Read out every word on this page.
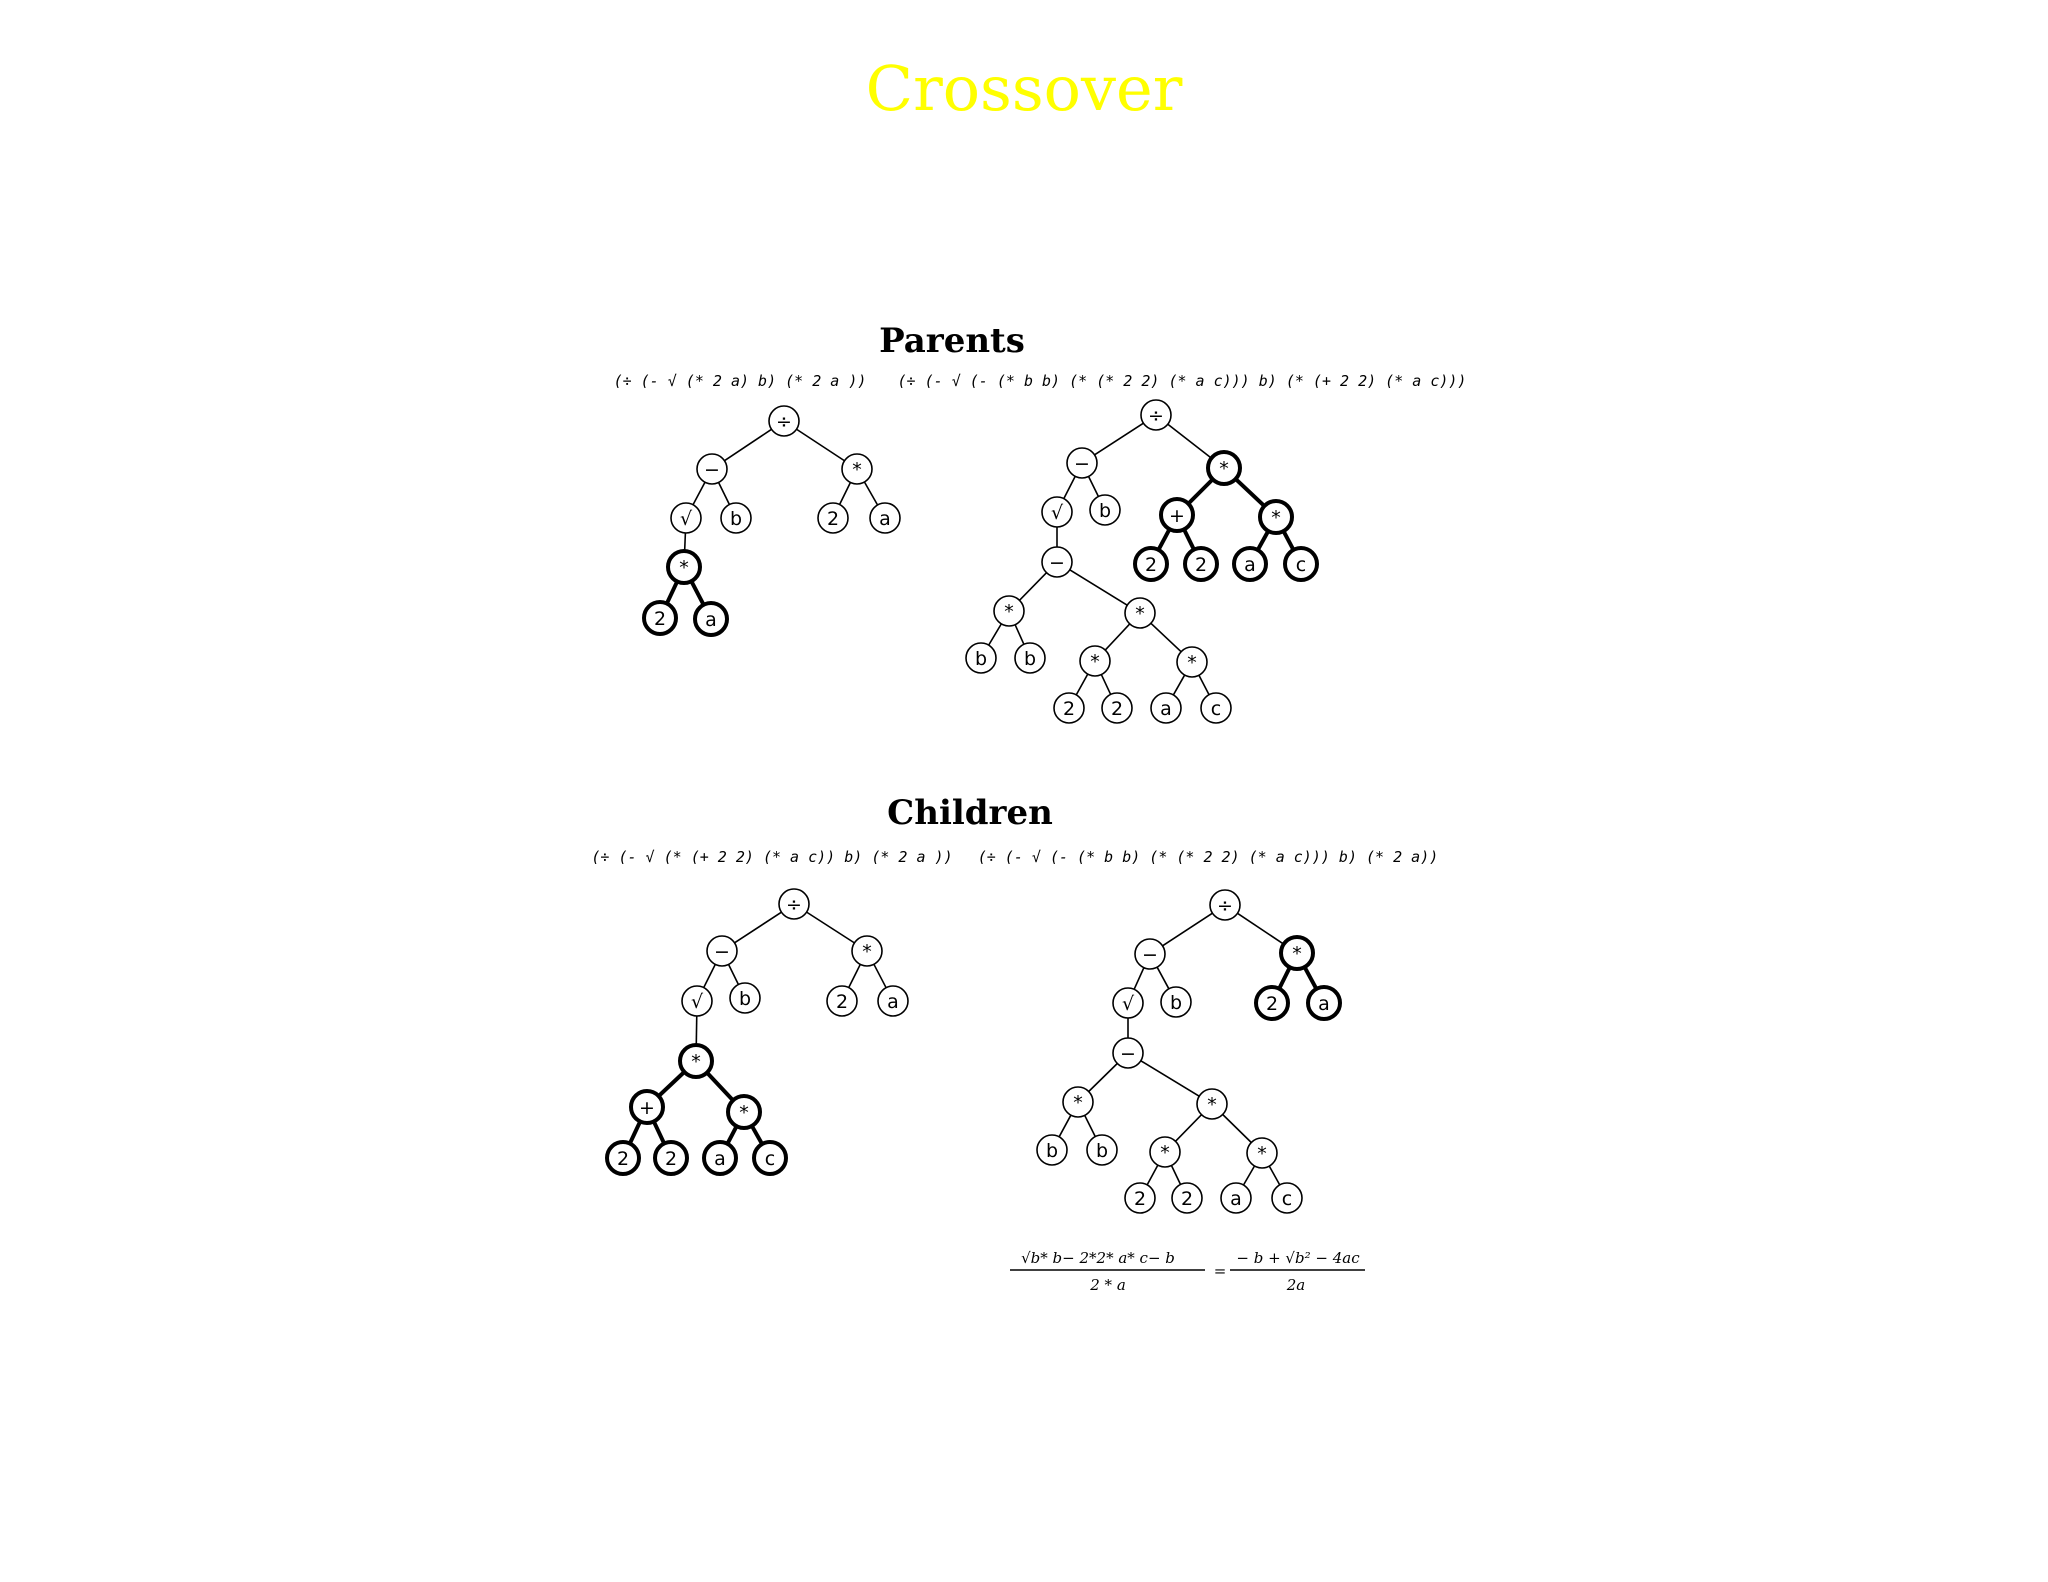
Crossover
Parents
(÷ (- √ (* 2 a) b) (* 2 a )) (÷ (- √ (- (* b b) (* (* 2 2) (* a c))) b) (* (+ 2 2) (* a c)))
Children
(÷ (- √ (* (+ 2 2) (* a c)) b) (* 2 a )) (÷ (- √ (- (* b b) (* (* 2 2) (* a c))) b) (* 2 a))
÷
−	*
√ b	2 a
*
2 a
÷
−	*
√ b	+	*
2 2 a c
−
*	*
b b	*	*
2 2 a c
÷
−	*
√ b	2 a
*
+	*
2 2 a c
÷
−	*
√ b	2 a
−
*	*
b b	*	*
2 2 a c
√b* b− 2*2* a* c− b
2 * a
=
− b + √b² − 4ac
2a
